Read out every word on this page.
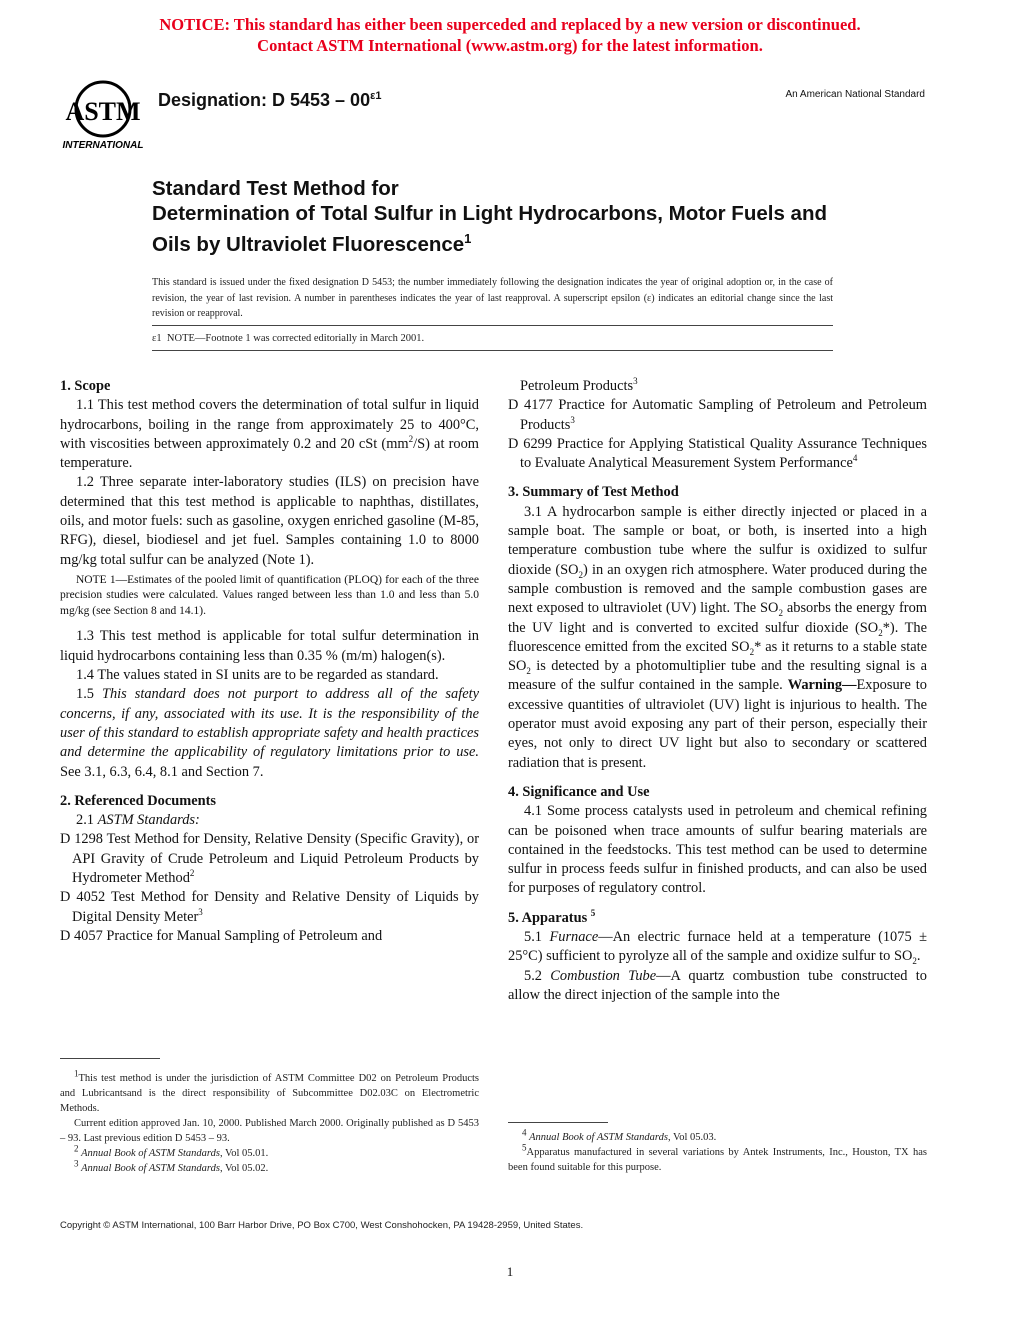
NOTICE: This standard has either been superceded and replaced by a new version or discontinued.
Contact ASTM International (www.astm.org) for the latest information.
ASTM
INTERNATIONAL
Designation: D $5453 - 00^{\varepsilon 1}$	An American National Standard
Standard Test Method for
Determination of Total Sulfur in Light Hydrocarbons, Motor Fuels and Oils by Ultraviolet Fluorescence$^1$
This standard is issued under the fixed designation D 5453; the number immediately following the designation indicates the year of original adoption or, in the case of revision, the year of last revision. A number in parentheses indicates the year of last reapproval. A superscript epsilon (ε) indicates an editorial change since the last revision or reapproval.
ε1 NOTE—Footnote 1 was corrected editorially in March 2001.

1. Scope

1.1 This test method covers the determination of total sulfur in liquid hydrocarbons, boiling in the range from approximately 25 to 400°C, with viscosities between approximately 0.2 and 20 cSt $(mm^2/S)$ at room temperature.

1.2 Three separate inter-laboratory studies (ILS) on precision have determined that this test method is applicable to naphthas, distillates, oils, and motor fuels: such as gasoline, oxygen enriched gasoline (M-85, RFG), diesel, biodiesel and jet fuel. Samples containing 1.0 to 8000 mg/kg total sulfur can be analyzed (Note 1).

NOTE 1—Estimates of the pooled limit of quantification (PLOQ) for each of the three precision studies were calculated. Values ranged between less than 1.0 and less than 5.0 mg/kg (see Section 8 and 14.1).

1.3 This test method is applicable for total sulfur determination in liquid hydrocarbons containing less than 0.35 % (m/m) halogen(s).

1.4 The values stated in SI units are to be regarded as standard.

1.5 This standard does not purport to address all of the safety concerns, if any, associated with its use. It is the responsibility of the user of this standard to establish appropriate safety and health practices and determine the applicability of regulatory limitations prior to use. See 3.1, 6.3, 6.4, 8.1 and Section 7.

2. Referenced Documents

2.1 ASTM Standards:

D 1298 Test Method for Density, Relative Density (Specific Gravity), or API Gravity of Crude Petroleum and Liquid Petroleum Products by Hydrometer Method$^2$

D 4052 Test Method for Density and Relative Density of Liquids by Digital Density Meter$^3$

D 4057 Practice for Manual Sampling of Petroleum and

$^1$This test method is under the jurisdiction of ASTM Committee D02 on Petroleum Products and Lubricantsand is the direct responsibility of Subcommittee D02.03C on Electrometric Methods.

Current edition approved Jan. 10, 2000. Published March 2000. Originally published as D 5453 – 93. Last previous edition D 5453 – 93.

$^2$ Annual Book of ASTM Standards, Vol 05.01.

$^3$ Annual Book of ASTM Standards, Vol 05.02.

Petroleum Products$^3$

D 4177 Practice for Automatic Sampling of Petroleum and Petroleum Products$^3$

D 6299 Practice for Applying Statistical Quality Assurance Techniques to Evaluate Analytical Measurement System Performance$^4$

3. Summary of Test Method

3.1 A hydrocarbon sample is either directly injected or placed in a sample boat. The sample or boat, or both, is inserted into a high temperature combustion tube where the sulfur is oxidized to sulfur dioxide $(SO_2)$ in an oxygen rich atmosphere. Water produced during the sample combustion is removed and the sample combustion gases are next exposed to ultraviolet (UV) light. The $SO_2$ absorbs the energy from the UV light and is converted to excited sulfur dioxide $(SO_2*)$. The fluorescence emitted from the excited $SO_2*$ as it returns to a stable state $SO_2$ is detected by a photomultiplier tube and the resulting signal is a measure of the sulfur contained in the sample. Warning—Exposure to excessive quantities of ultraviolet (UV) light is injurious to health. The operator must avoid exposing any part of their person, especially their eyes, not only to direct UV light but also to secondary or scattered radiation that is present.

4. Significance and Use

4.1 Some process catalysts used in petroleum and chemical refining can be poisoned when trace amounts of sulfur bearing materials are contained in the feedstocks. This test method can be used to determine sulfur in process feeds sulfur in finished products, and can also be used for purposes of regulatory control.

5. Apparatus $^5$

5.1 Furnace—An electric furnace held at a temperature (1075 ± 25°C) sufficient to pyrolyze all of the sample and oxidize sulfur to $SO_2$.

5.2 Combustion Tube—A quartz combustion tube constructed to allow the direct injection of the sample into the

$^4$ Annual Book of ASTM Standards, Vol 05.03.

$^5$Apparatus manufactured in several variations by Antek Instruments, Inc., Houston, TX has been found suitable for this purpose.

Copyright © ASTM International, 100 Barr Harbor Drive, PO Box C700, West Conshohocken, PA 19428-2959, United States.
1
